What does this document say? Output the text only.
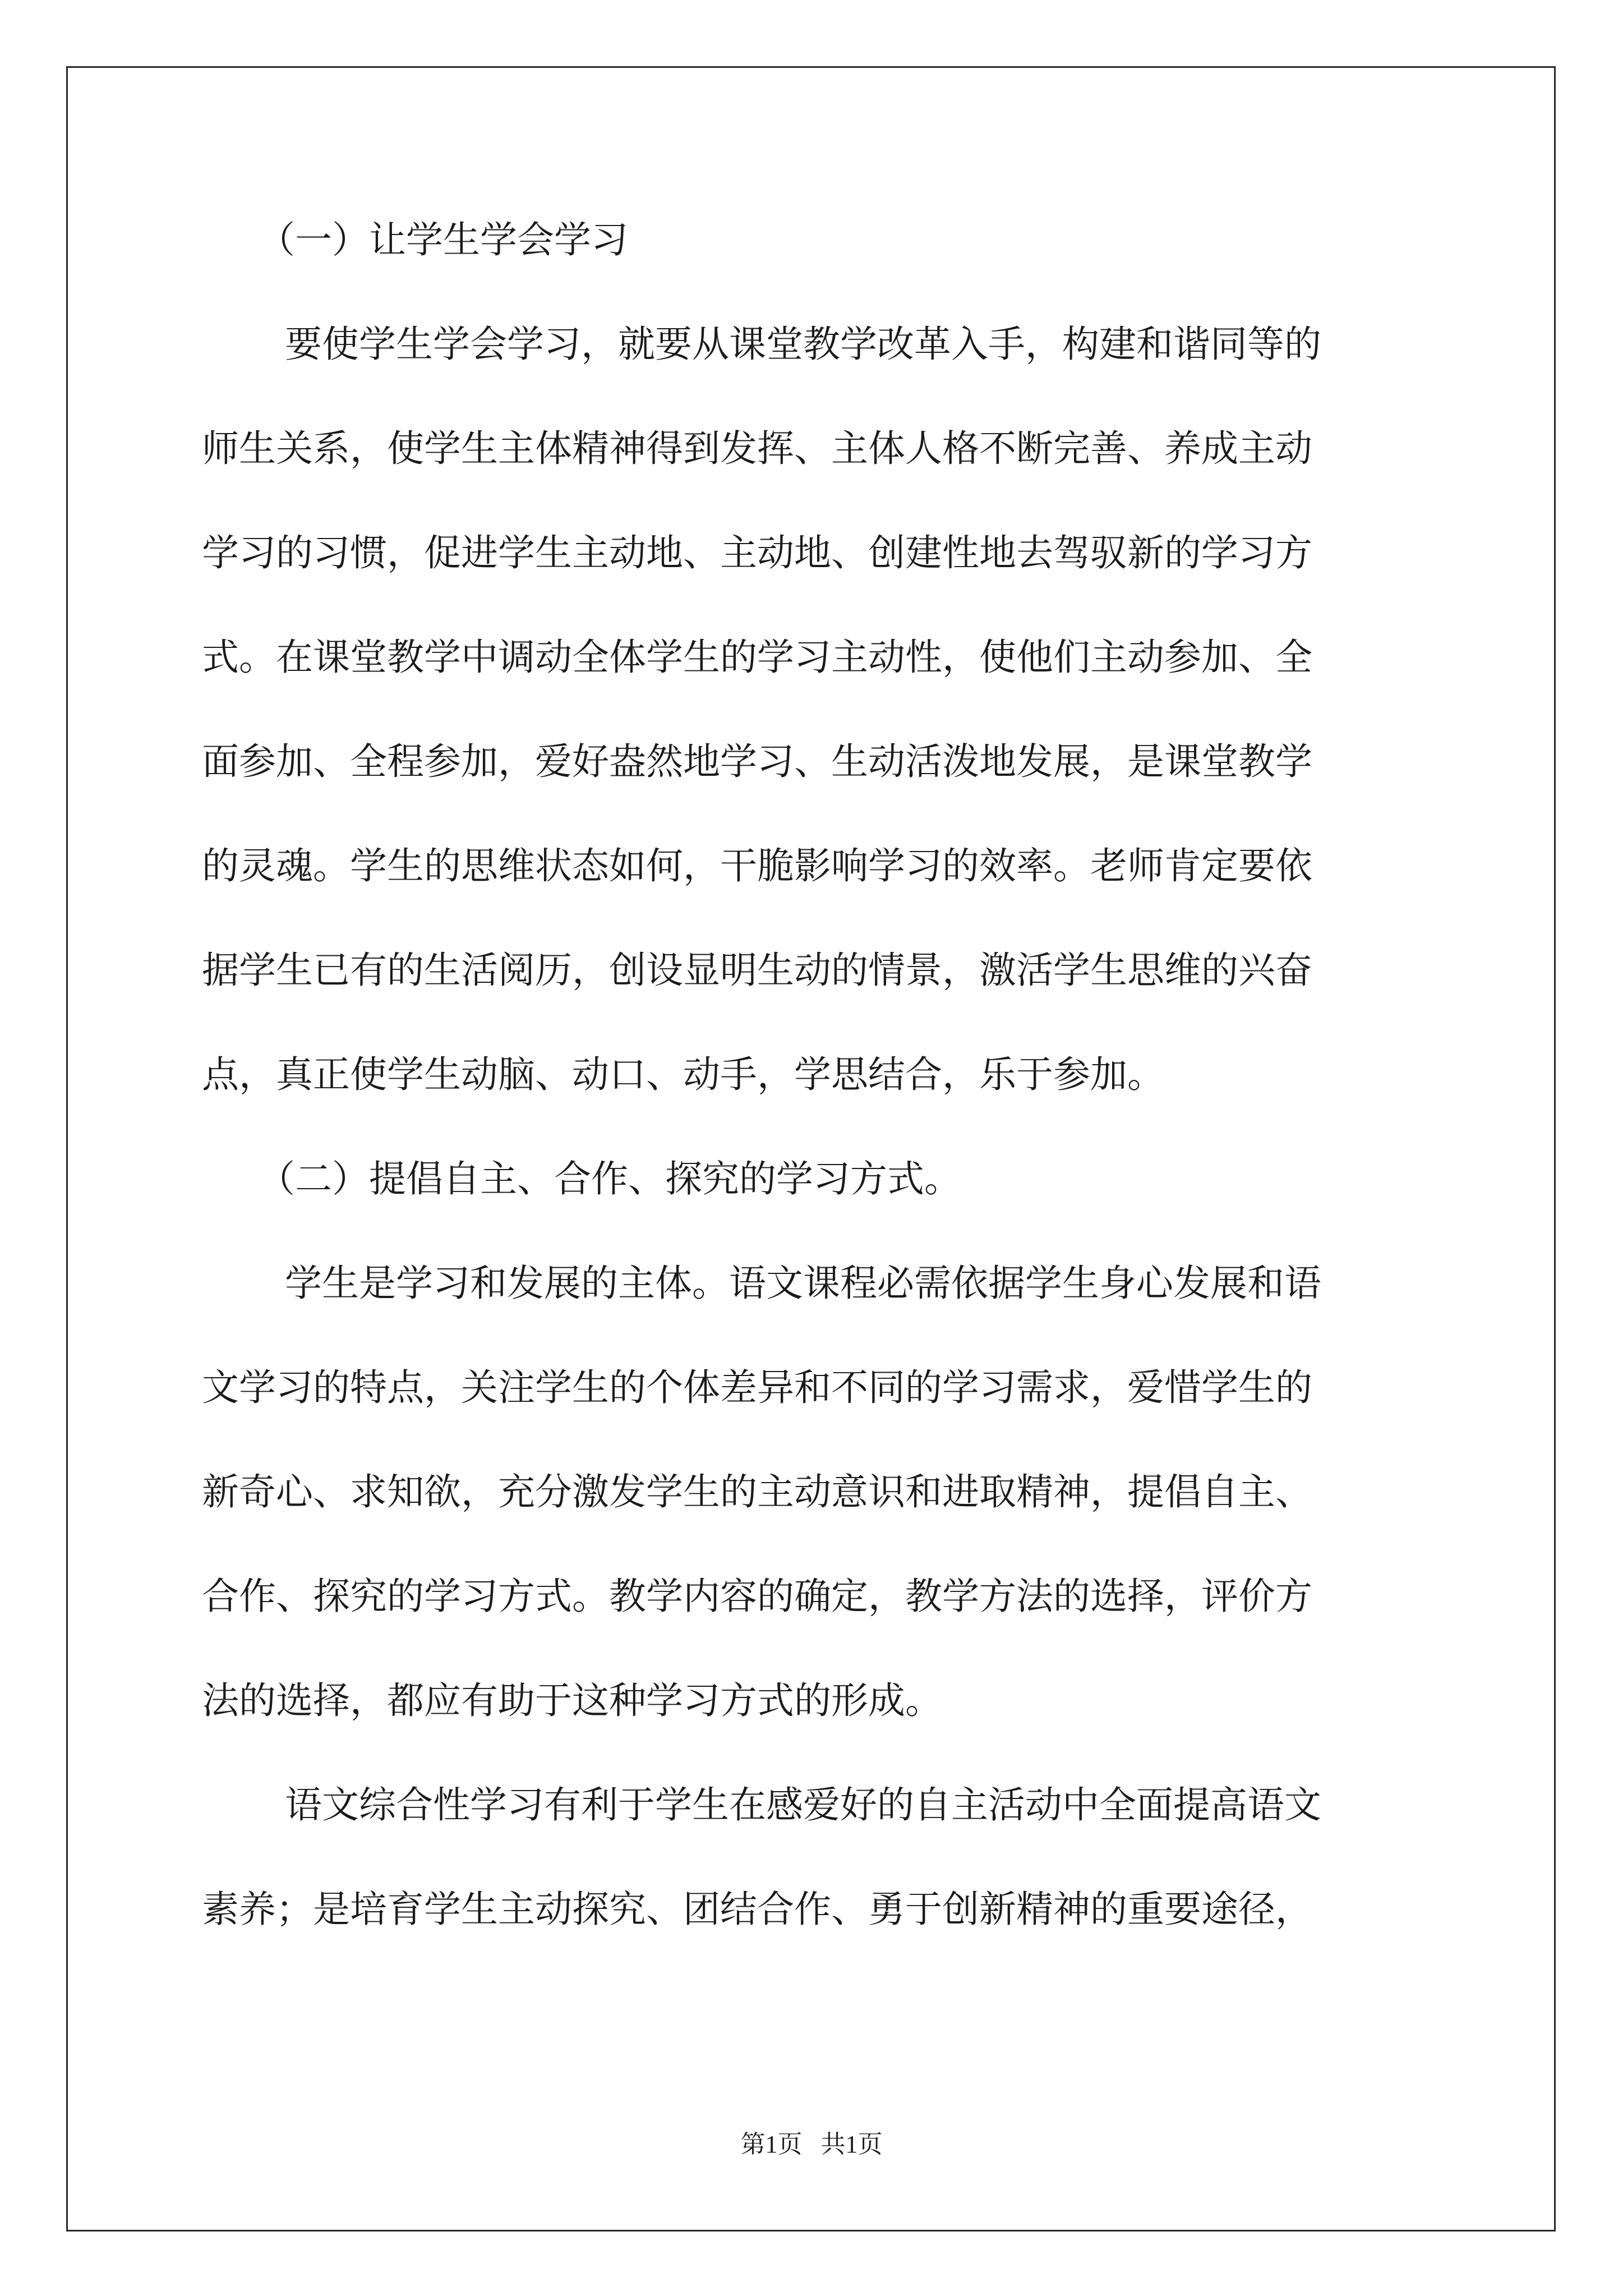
（一）让学生学会学习
要使学生学会学习，就要从课堂教学改革入手，构建和谐同等的
师生关系，使学生主体精神得到发挥、主体人格不断完善、养成主动
学习的习惯，促进学生主动地、主动地、创建性地去驾驭新的学习方
式。在课堂教学中调动全体学生的学习主动性，使他们主动参加、全
面参加、全程参加，爱好盎然地学习、生动活泼地发展，是课堂教学
的灵魂。学生的思维状态如何，干脆影响学习的效率。老师肯定要依
据学生已有的生活阅历，创设显明生动的情景，激活学生思维的兴奋
点，真正使学生动脑、动口、动手，学思结合，乐于参加。
（二）提倡自主、合作、探究的学习方式。
学生是学习和发展的主体。语文课程必需依据学生身心发展和语
文学习的特点，关注学生的个体差异和不同的学习需求，爱惜学生的
新奇心、求知欲，充分激发学生的主动意识和进取精神，提倡自主、
合作、探究的学习方式。教学内容的确定，教学方法的选择，评价方
法的选择，都应有助于这种学习方式的形成。
语文综合性学习有利于学生在感爱好的自主活动中全面提高语文
素养；是培育学生主动探究、团结合作、勇于创新精神的重要途径，
第1页 共1页
